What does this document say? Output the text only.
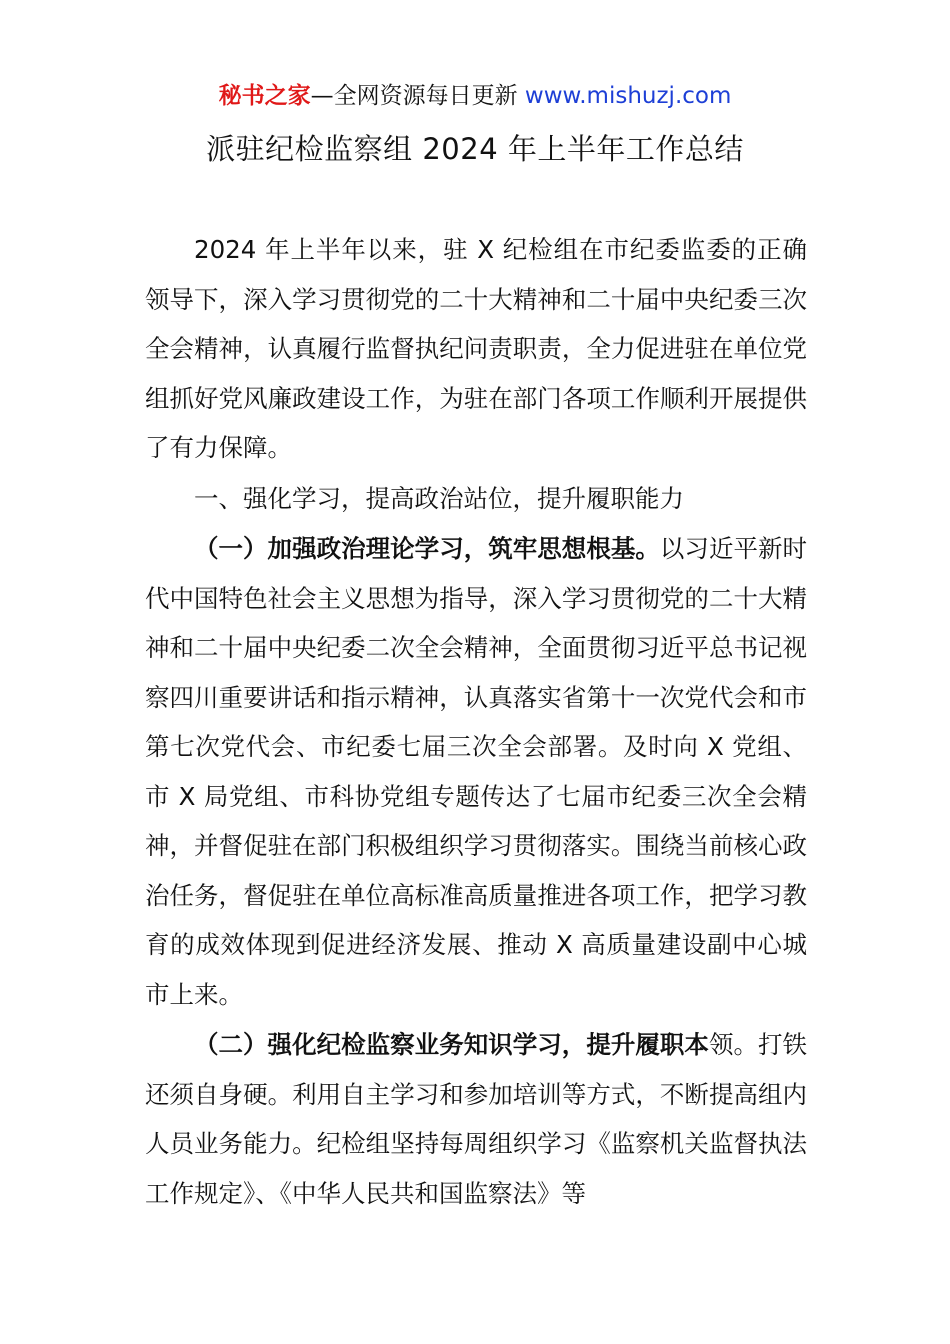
秘书之家—全网资源每日更新 www.mishuzj.com
派驻纪检监察组 2024 年上半年工作总结

2024 年上半年以来，驻 X 纪检组在市纪委监委的正确领导下，深入学习贯彻党的二十大精神和二十届中央纪委三次全会精神，认真履行监督执纪问责职责，全力促进驻在单位党组抓好党风廉政建设工作，为驻在部门各项工作顺利开展提供了有力保障。

一、强化学习，提高政治站位，提升履职能力

（一）加强政治理论学习，筑牢思想根基。以习近平新时代中国特色社会主义思想为指导，深入学习贯彻党的二十大精神和二十届中央纪委二次全会精神，全面贯彻习近平总书记视察四川重要讲话和指示精神，认真落实省第十一次党代会和市第七次党代会、市纪委七届三次全会部署。及时向 X 党组、市 X 局党组、市科协党组专题传达了七届市纪委三次全会精神，并督促驻在部门积极组织学习贯彻落实。围绕当前核心政治任务，督促驻在单位高标准高质量推进各项工作，把学习教育的成效体现到促进经济发展、推动 X 高质量建设副中心城市上来。

（二）强化纪检监察业务知识学习，提升履职本领。打铁还须自身硬。利用自主学习和参加培训等方式，不断提高组内人员业务能力。纪检组坚持每周组织学习《监察机关监督执法工作规定》、《中华人民共和国监察法》等
